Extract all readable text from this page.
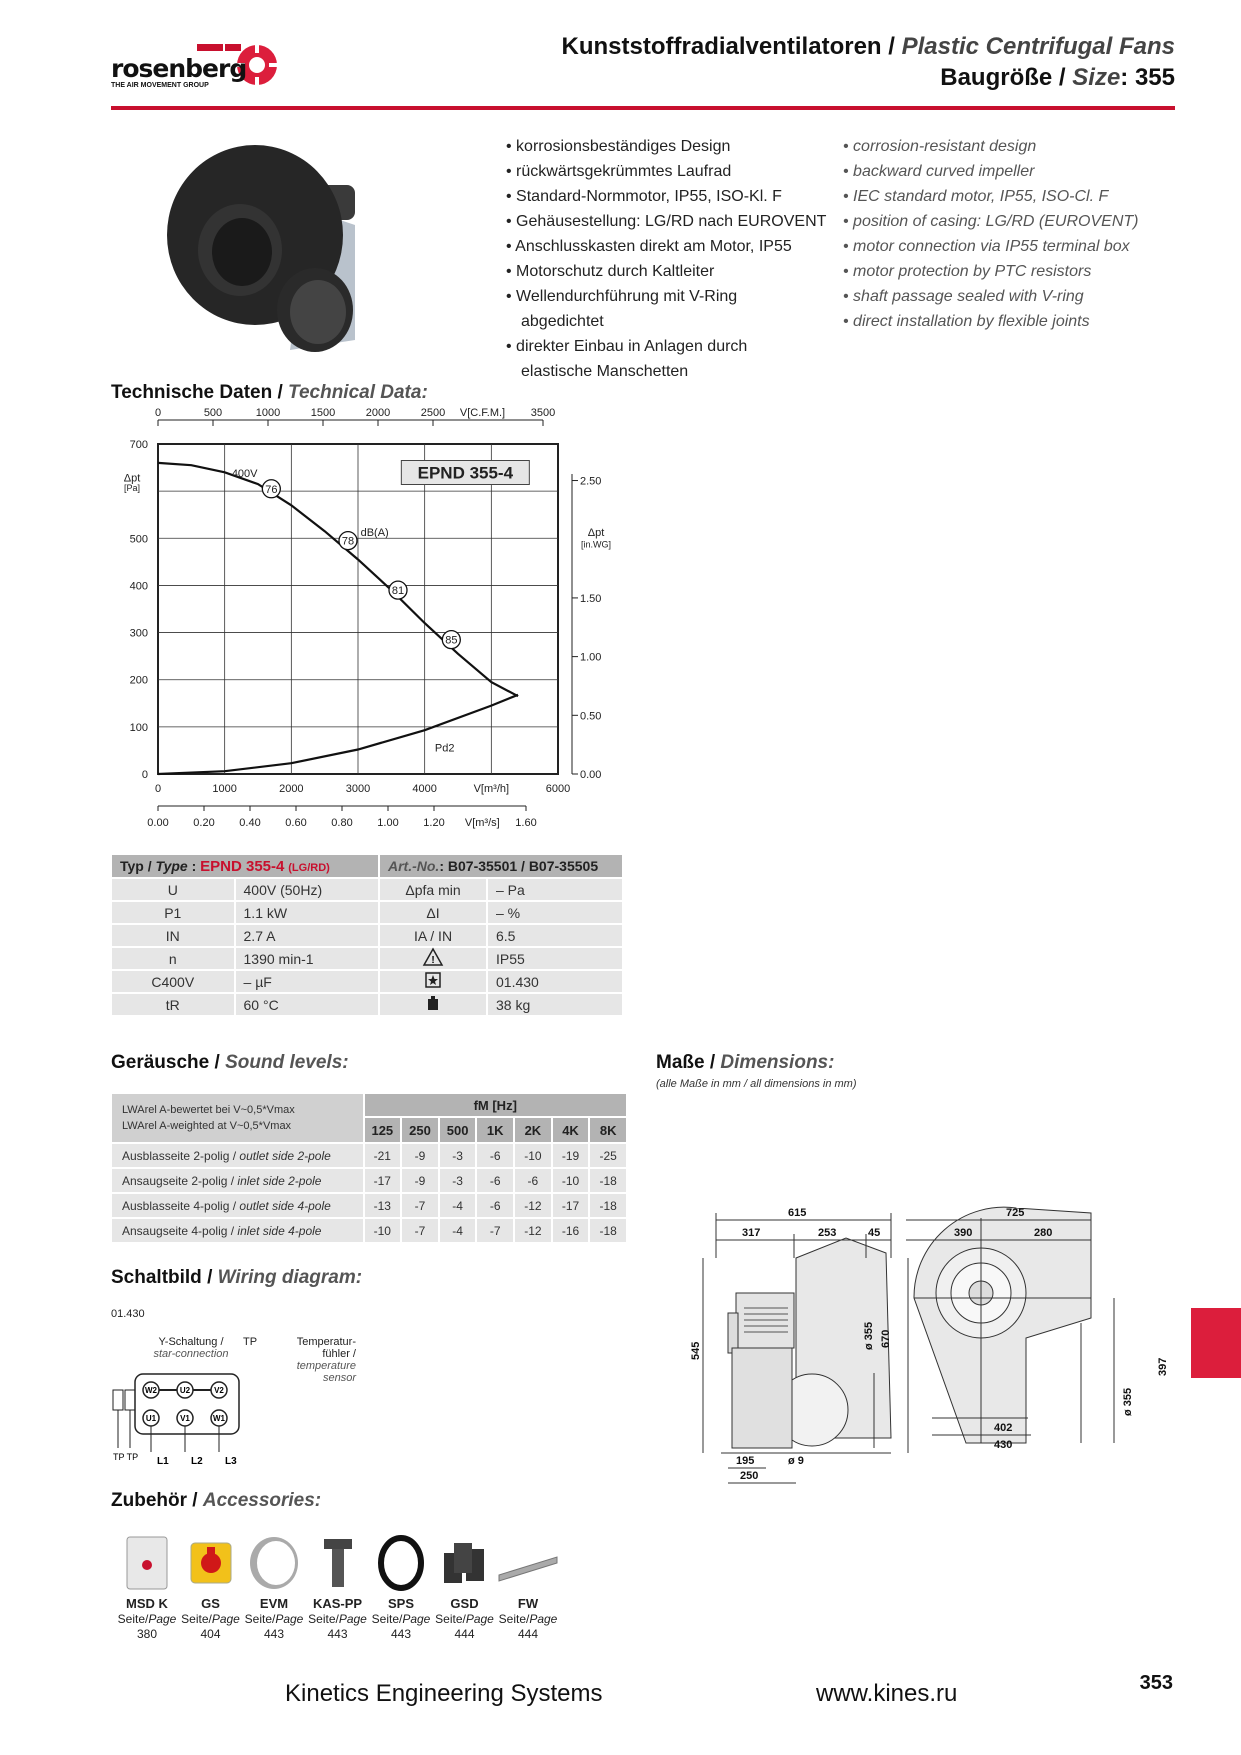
rosenberg
THE AIR MOVEMENT GROUP
Kunststoffradialventilatoren / Plastic Centrifugal Fans
Baugröße / Size: 355
• korrosionsbeständiges Design
• rückwärtsgekrümmtes Laufrad
• Standard-Normmotor, IP55, ISO-Kl. F
• Gehäusestellung: LG/RD nach EUROVENT
• Anschlusskasten direkt am Motor, IP55
• Motorschutz durch Kaltleiter
• Wellendurchführung mit V-Ring
abgedichtet
• direkter Einbau in Anlagen durch
elastische Manschetten
• corrosion-resistant design
• backward curved impeller
• IEC standard motor, IP55, ISO-Cl. F
• position of casing: LG/RD (EUROVENT)
• motor connection via IP55 terminal box
• motor protection by PTC resistors
• shaft passage sealed with V-ring
• direct installation by flexible joints
Technische Daten / Technical Data:
0
100
200
300
400
500
700
0	1000	2000	3000	4000	6000
0	500	1000	1500	2000	2500	3500
V[C.F.M.]
0.00 0.20 0.40 0.60 0.80 1.00 1.20	1.60
V[m³/s]
V[m³/h]
0.00
0.50
1.00
1.50
2.50
Δpt
[in.WG]
Δpt
[Pa]	76
78
81
85
400V
dB(A)
Pd2
EPND 355-4
Typ / Type : EPND 355-4 (LG/RD)		Art.-No.: B07-35501 / B07-35505	
U	400V (50Hz)	Δpfa min	– Pa
P1	1.1 kW	ΔI	– %
IN	2.7 A	IA / IN	6.5
n	1390 min-1	!	IP55
C400V	– µF		01.430
tR	60 °C		38 kg
Geräusche / Sound levels:
LWArel A-bewertet bei V~0,5*Vmax
LWArel A-weighted at V~0,5*Vmax	fM [Hz]						
	125	250	500	1K	2K	4K	8K
Ausblasseite 2-polig / outlet side 2-pole	-21	-9	-3	-6	-10	-19	-25
Ansaugseite 2-polig / inlet side 2-pole	-17	-9	-3	-6	-6	-10	-18
Ausblasseite 4-polig / outlet side 4-pole	-13	-7	-4	-6	-12	-17	-18
Ansaugseite 4-polig / inlet side 4-pole	-10	-7	-4	-7	-12	-16	-18
Maße / Dimensions:
(alle Maße in mm / all dimensions in mm)
615
317	253	45
725
390	280
545
ø 355 670
195
250
ø 9
402
430
397
ø 355
Schaltbild / Wiring diagram:
01.430
Y-Schaltung /
star-connection
TP	Temperatur-
fühler /
temperature
sensor
W2	U2	V2
U1	V1	W1
L1 L2 L3
TP TP
Zubehör / Accessories:
MSD K
Seite/Page
380
GS
Seite/Page
404
EVM
Seite/Page
443
KAS-PP
Seite/Page
443
SPS
Seite/Page
443
GSD
Seite/Page
444
FW
Seite/Page
444
Kinetics Engineering Systems	www.kines.ru	353
